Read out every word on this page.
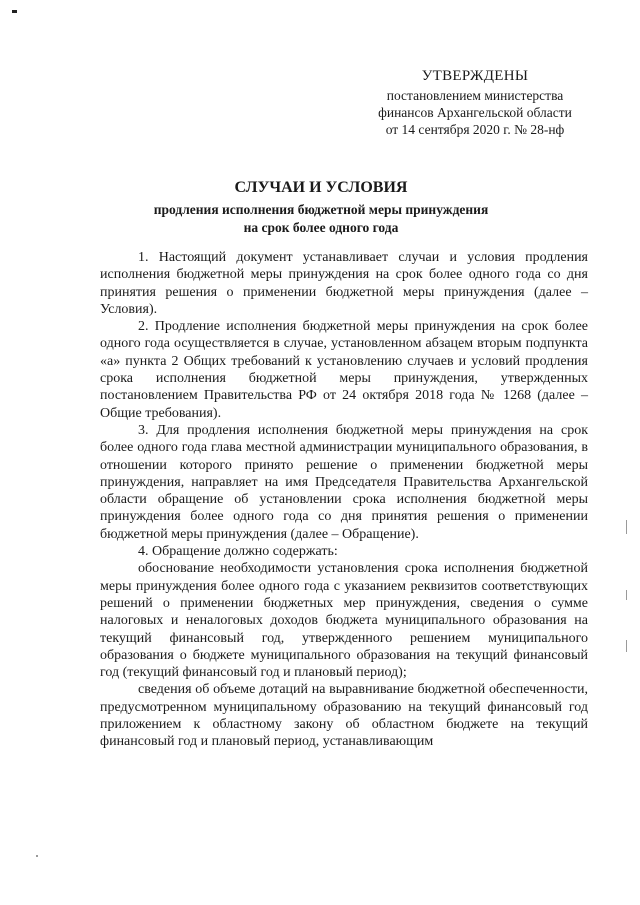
УТВЕРЖДЕНЫ
постановлением министерства
финансов Архангельской области
от 14 сентября 2020 г. № 28-нф
СЛУЧАИ И УСЛОВИЯ
продления исполнения бюджетной меры принуждения
на срок более одного года

1. Настоящий документ устанавливает случаи и условия продления исполнения бюджетной меры принуждения на срок более одного года со дня принятия решения о применении бюджетной меры принуждения (далее – Условия).

2. Продление исполнения бюджетной меры принуждения на срок более одного года осуществляется в случае, установленном абзацем вторым подпункта «а» пункта 2 Общих требований к установлению случаев и условий продления срока исполнения бюджетной меры принуждения, утвержденных постановлением Правительства РФ от 24 октября 2018 года № 1268 (далее – Общие требования).

3. Для продления исполнения бюджетной меры принуждения на срок более одного года глава местной администрации муниципального образования, в отношении которого принято решение о применении бюджетной меры принуждения, направляет на имя Председателя Правительства Архангельской области обращение об установлении срока исполнения бюджетной меры принуждения более одного года со дня принятия решения о применении бюджетной меры принуждения (далее – Обращение).

4. Обращение должно содержать:

обоснование необходимости установления срока исполнения бюджетной меры принуждения более одного года с указанием реквизитов соответствующих решений о применении бюджетных мер принуждения, сведения о сумме налоговых и неналоговых доходов бюджета муниципального образования на текущий финансовый год, утвержденного решением муниципального образования о бюджете муниципального образования на текущий финансовый год (текущий финансовый год и плановый период);

сведения об объеме дотаций на выравнивание бюджетной обеспеченности, предусмотренном муниципальному образованию на текущий финансовый год приложением к областному закону об областном бюджете на текущий финансовый год и плановый период, устанавливающим
